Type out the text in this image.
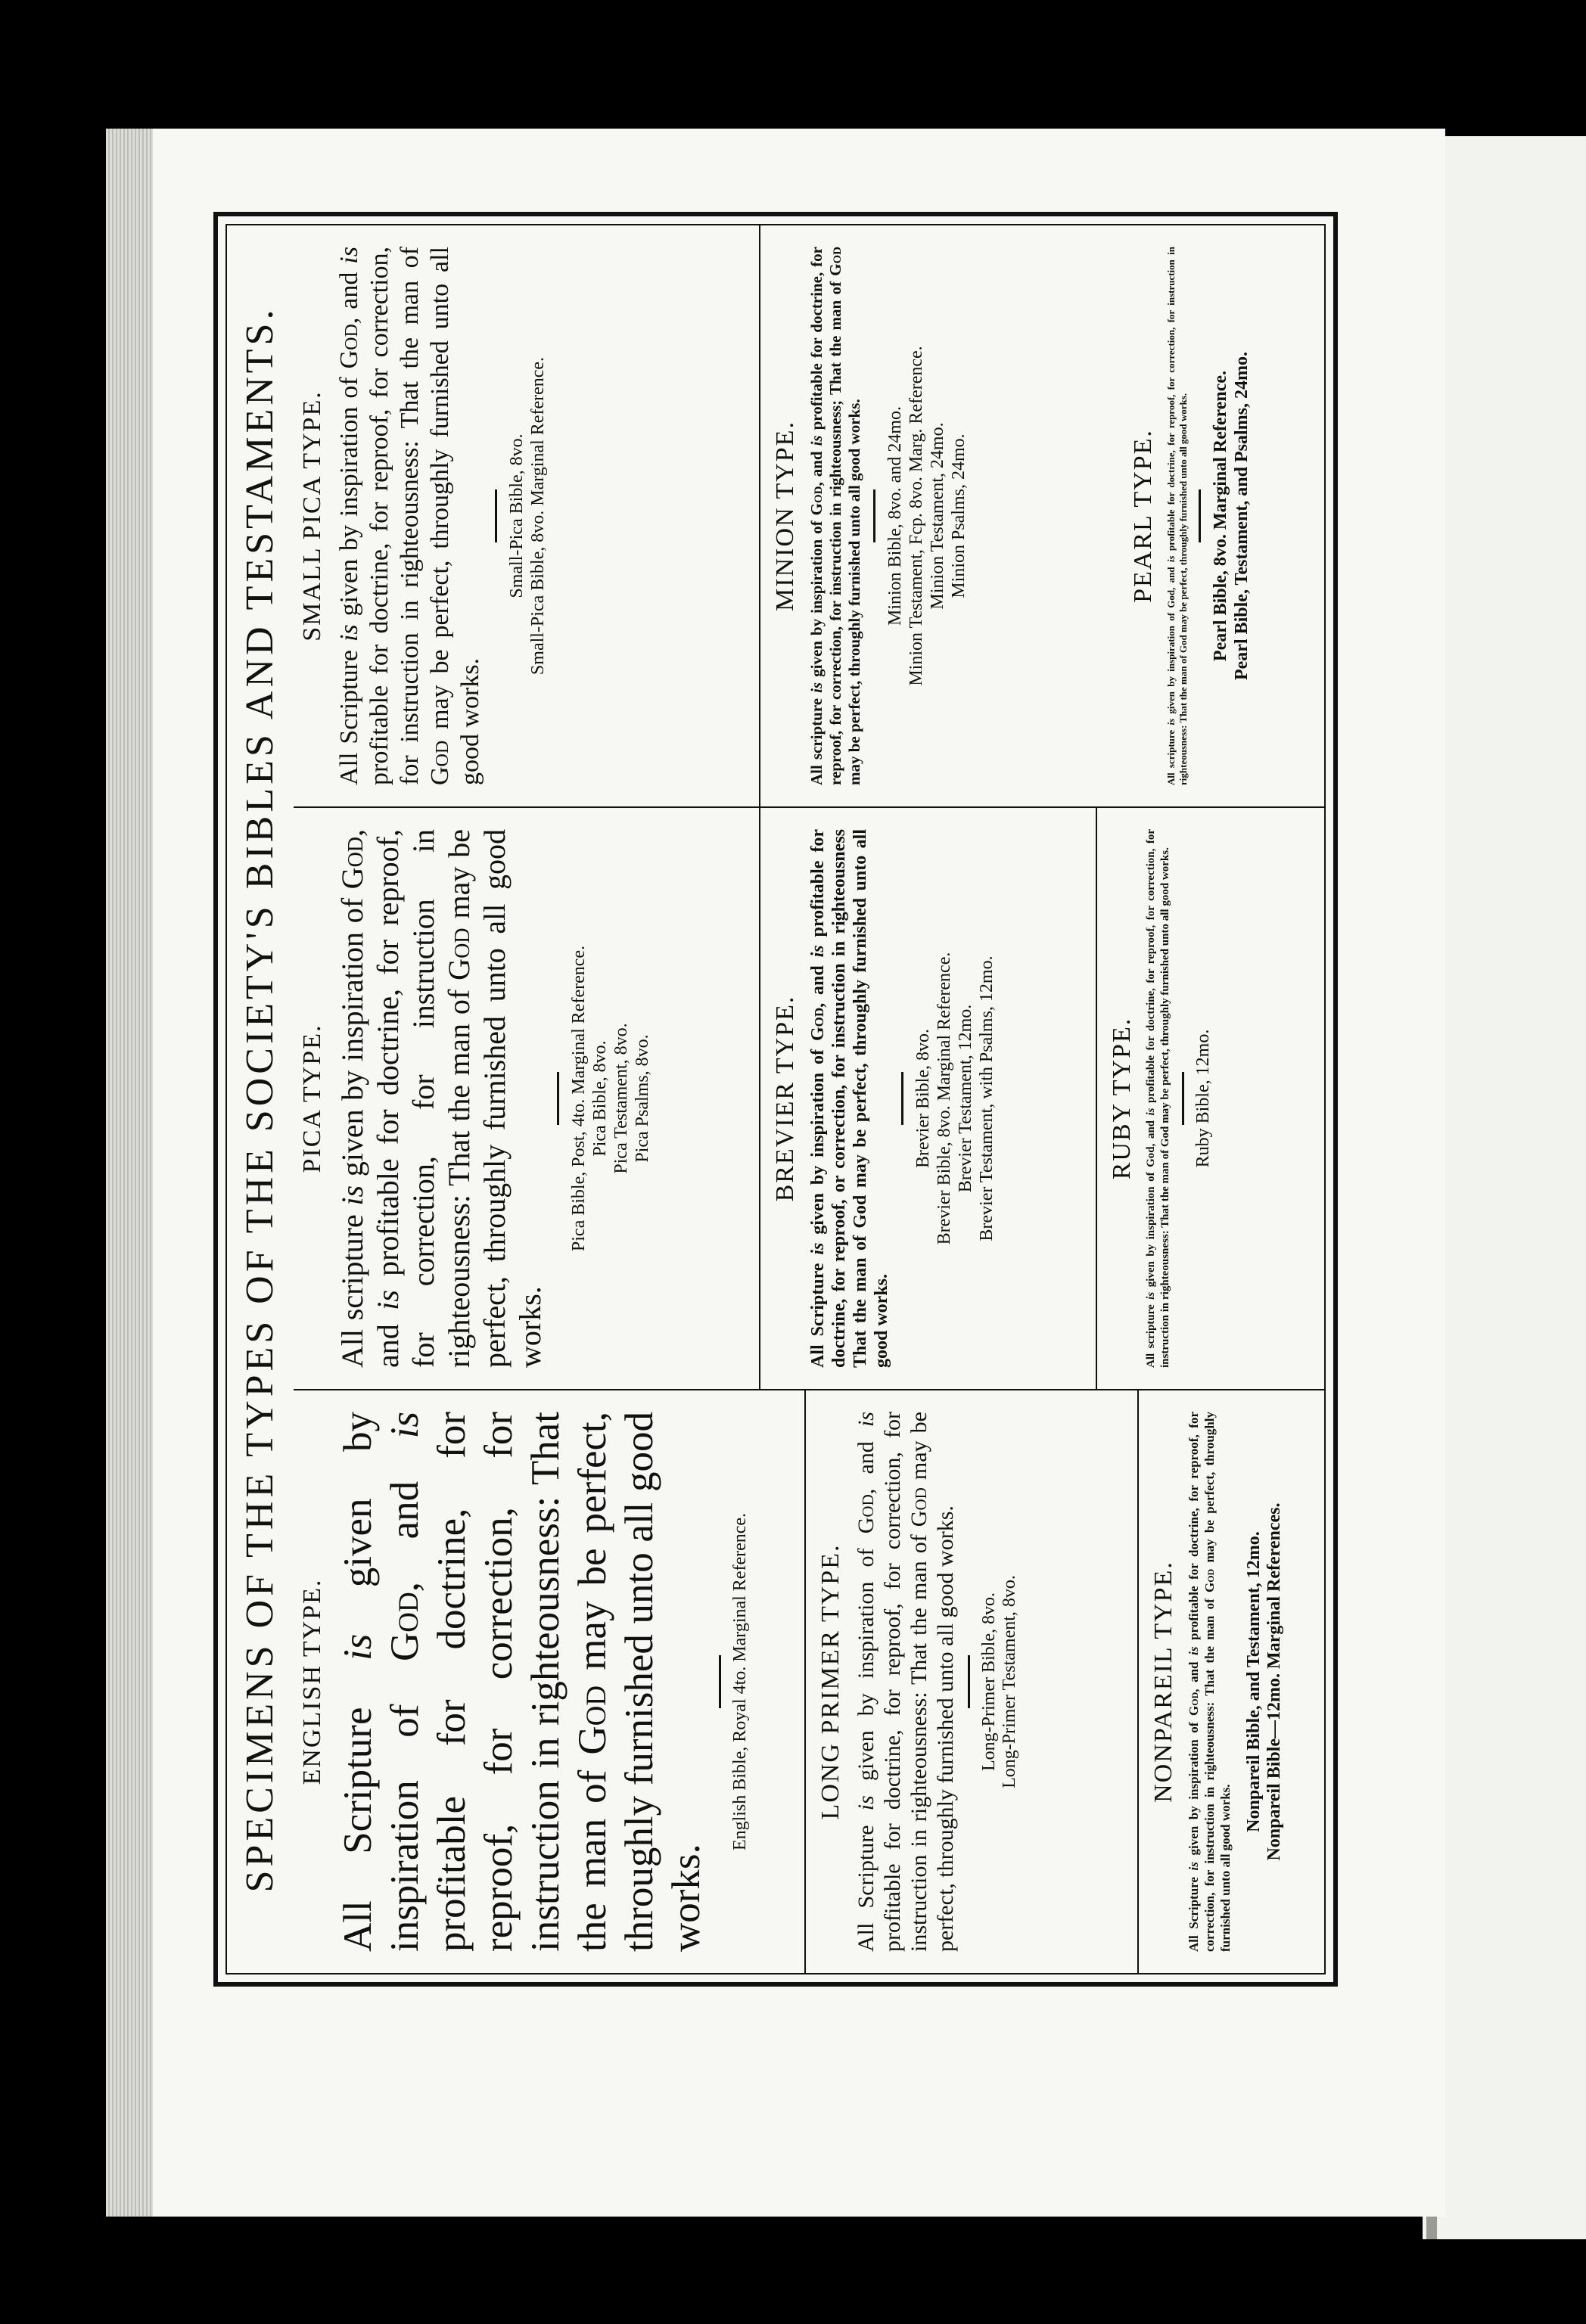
SPECIMENS OF THE TYPES OF THE SOCIETY'S BIBLES AND TESTAMENTS. ENGLISH TYPE. All Scripture is given by inspiration of God, and is profitable for doctrine, for reproof, for correction, for instruction in righteousness: That the man of God may be perfect, throughly furnished unto all good works.

English Bible, Royal 4to. Marginal Reference.	LONG PRIMER TYPE.

All Scripture is given by inspiration of God, and is profitable for doctrine, for reproof, for correction, for instruction in righteousness: That the man of God may be perfect, throughly furnished unto all good works. Long-Primer Bible, 8vo. Long-Primer Testament, 8vo.	NONPAREIL TYPE.

All Scripture is given by inspiration of God, and is profitable for doctrine, for reproof, for correction, for instruction in righteousness: That the man of God may be perfect, throughly furnished unto all good works.

Nonpareil Bible, and Testament, 12mo. Nonpareil Bible—12mo. Marginal References.

PICA TYPE.

All scripture is given by inspiration of God, and is profitable for doctrine, for reproof, for correction, for instruction in righteousness: That the man of God may be perfect, throughly furnished unto all good works.

Pica Bible, Post, 4to. Marginal Reference. Pica Bible, 8vo. Pica Testament, 8vo. Pica Psalms, 8vo.	BREVIER TYPE.

All Scripture is given by inspiration of God, and is profitable for doctrine, for reproof, or correction, for instruction in righteousness That the man of God may be perfect, throughly furnished unto all good works.

Brevier Bible, 8vo. Brevier Bible, 8vo. Marginal Reference. Brevier Testament, 12mo. Brevier Testament, with Psalms, 12mo.	RUBY TYPE.

All scripture is given by inspiration of God, and is profitable for doctrine, for reproof, for correction, for instruction in righteousness: That the man of God may be perfect, throughly furnished unto all good works. Ruby Bible, 12mo.

SMALL PICA TYPE.

All Scripture is given by inspiration of God, and is profitable for doctrine, for reproof, for correction, for instruction in righteousness: That the man of God may be perfect, throughly furnished unto all good works.

Small-Pica Bible, 8vo. Small-Pica Bible, 8vo. Marginal Reference.	MINION TYPE.

All scripture is given by inspiration of God, and is profitable for doctrine, for reproof, for correction, for instruction in righteousness; That the man of God may be perfect, throughly furnished unto all good works. Minion Bible, 8vo. and 24mo. Minion Testament, Fcp. 8vo. Marg. Reference. Minion Testament, 24mo. Minion Psalms, 24mo.	PEARL TYPE.

All scripture is given by inspiration of God, and is profitable for doctrine, for reproof, for correction, for instruction in righteousness: That the man of God may be perfect, throughly furnished unto all good works. Pearl Bible, 8vo. Marginal Reference. Pearl Bible, Testament, and Psalms, 24mo.
